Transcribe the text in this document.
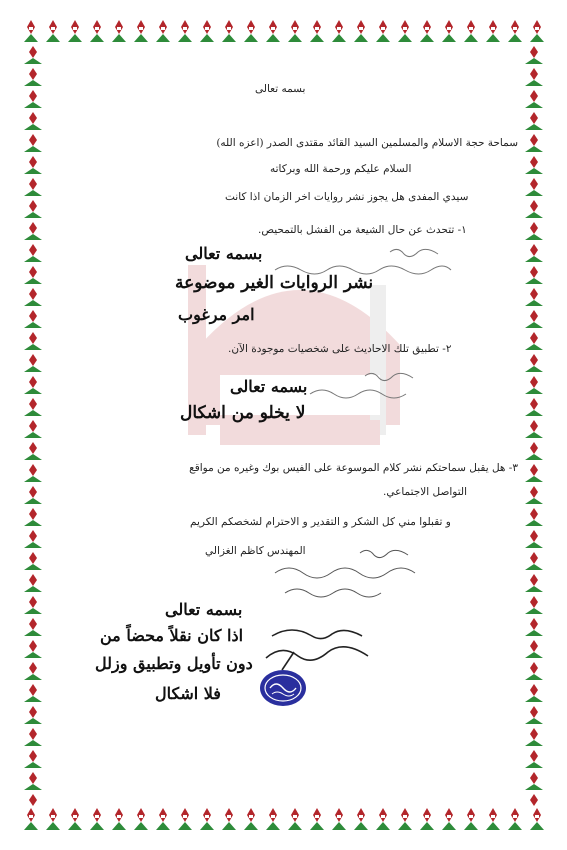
بسمه تعالى
سماحة حجة الاسلام والمسلمين السيد القائد مقتدى الصدر (اعزه الله)
السلام عليكم ورحمة الله وبركاته
سيدي المفدى هل يجوز نشر روايات اخر الزمان اذا كانت
١- تتحدث عن حال الشيعة من الفشل بالتمحيص.
بسمه تعالى
نشر الروايات الغير موضوعة
امر مرغوب
٢- تطبيق تلك الاحاديث على شخصيات موجودة الآن.
بسمه تعالى
لا يخلو من اشكال
٣- هل يقبل سماحتكم نشر كلام الموسوعة على الفيس بوك وغيره من مواقع
التواصل الاجتماعي.
و تقبلوا مني كل الشكر و التقدير و الاحترام لشخصكم الكريم
المهندس كاظم الغزالي
بسمه تعالى
اذا كان نقلاً محضاً من
دون تأويل وتطبيق وزلل
فلا اشكال
